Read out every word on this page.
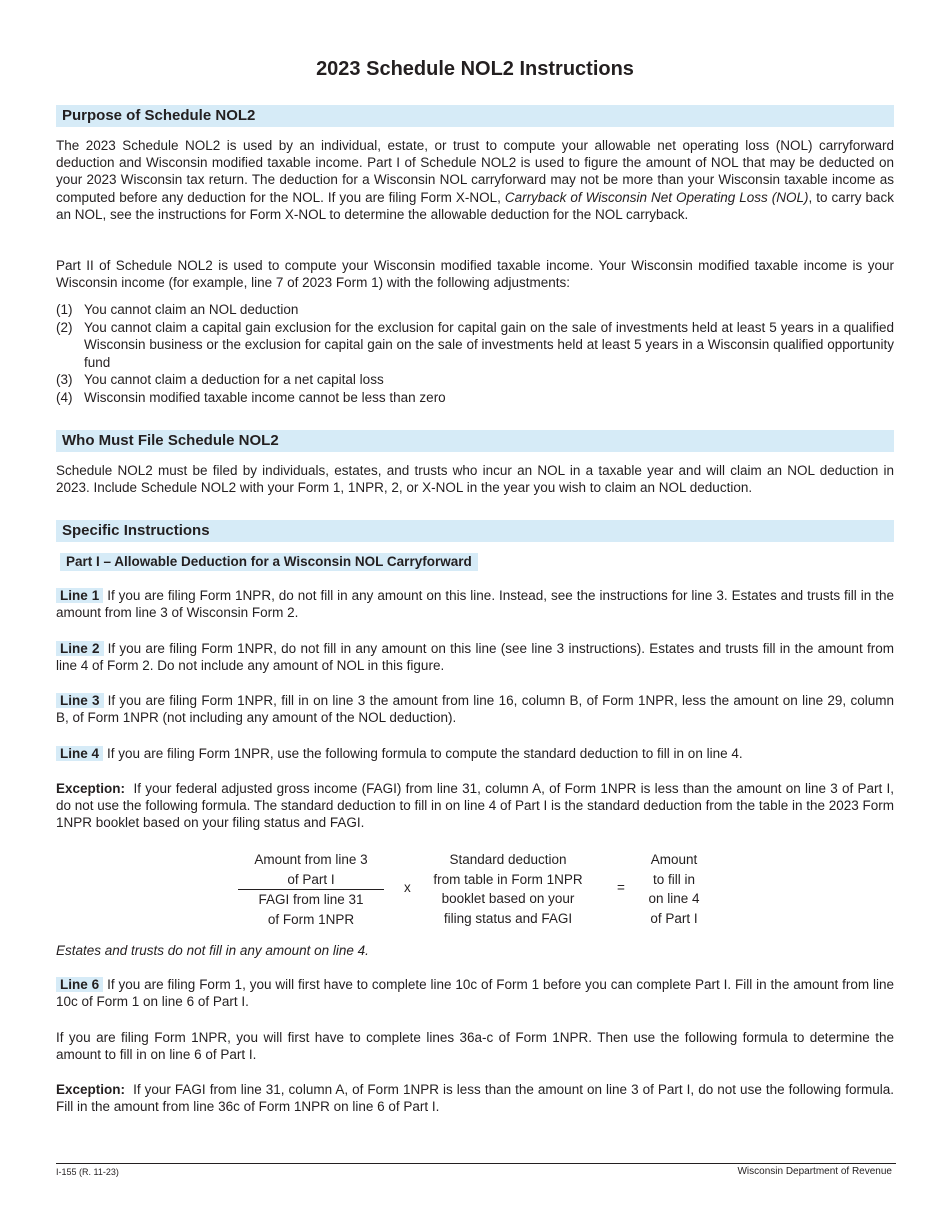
2023 Schedule NOL2 Instructions
Purpose of Schedule NOL2
The 2023 Schedule NOL2 is used by an individual, estate, or trust to compute your allowable net operating loss (NOL) carryforward deduction and Wisconsin modified taxable income. Part I of Schedule NOL2 is used to figure the amount of NOL that may be deducted on your 2023 Wisconsin tax return. The deduction for a Wisconsin NOL carryforward may not be more than your Wisconsin taxable income as computed before any deduction for the NOL. If you are filing Form X-NOL, Carryback of Wisconsin Net Operating Loss (NOL), to carry back an NOL, see the instructions for Form X-NOL to determine the allowable deduction for the NOL carryback.
Part II of Schedule NOL2 is used to compute your Wisconsin modified taxable income. Your Wisconsin modified taxable income is your Wisconsin income (for example, line 7 of 2023 Form 1) with the following adjustments:
(1) You cannot claim an NOL deduction
(2) You cannot claim a capital gain exclusion for the exclusion for capital gain on the sale of investments held at least 5 years in a qualified Wisconsin business or the exclusion for capital gain on the sale of investments held at least 5 years in a Wisconsin qualified opportunity fund
(3) You cannot claim a deduction for a net capital loss
(4) Wisconsin modified taxable income cannot be less than zero
Who Must File Schedule NOL2
Schedule NOL2 must be filed by individuals, estates, and trusts who incur an NOL in a taxable year and will claim an NOL deduction in 2023. Include Schedule NOL2 with your Form 1, 1NPR, 2, or X-NOL in the year you wish to claim an NOL deduction.
Specific Instructions
Part I – Allowable Deduction for a Wisconsin NOL Carryforward
Line 1 If you are filing Form 1NPR, do not fill in any amount on this line. Instead, see the instructions for line 3. Estates and trusts fill in the amount from line 3 of Wisconsin Form 2.
Line 2 If you are filing Form 1NPR, do not fill in any amount on this line (see line 3 instructions). Estates and trusts fill in the amount from line 4 of Form 2. Do not include any amount of NOL in this figure.
Line 3 If you are filing Form 1NPR, fill in on line 3 the amount from line 16, column B, of Form 1NPR, less the amount on line 29, column B, of Form 1NPR (not including any amount of the NOL deduction).
Line 4 If you are filing Form 1NPR, use the following formula to compute the standard deduction to fill in on line 4.
Exception: If your federal adjusted gross income (FAGI) from line 31, column A, of Form 1NPR is less than the amount on line 3 of Part I, do not use the following formula. The standard deduction to fill in on line 4 of Part I is the standard deduction from the table in the 2023 Form 1NPR booklet based on your filing status and FAGI.
Amount from line 3
of Part I
FAGI from line 31
of Form 1NPR
x
Standard deduction
from table in Form 1NPR
booklet based on your
filing status and FAGI
=
Amount
to fill in
on line 4
of Part I
Estates and trusts do not fill in any amount on line 4.
Line 6 If you are filing Form 1, you will first have to complete line 10c of Form 1 before you can complete Part I. Fill in the amount from line 10c of Form 1 on line 6 of Part I.
If you are filing Form 1NPR, you will first have to complete lines 36a-c of Form 1NPR. Then use the following formula to determine the amount to fill in on line 6 of Part I.
Exception: If your FAGI from line 31, column A, of Form 1NPR is less than the amount on line 3 of Part I, do not use the following formula. Fill in the amount from line 36c of Form 1NPR on line 6 of Part I.
I-155 (R. 11-23)	Wisconsin Department of Revenue
